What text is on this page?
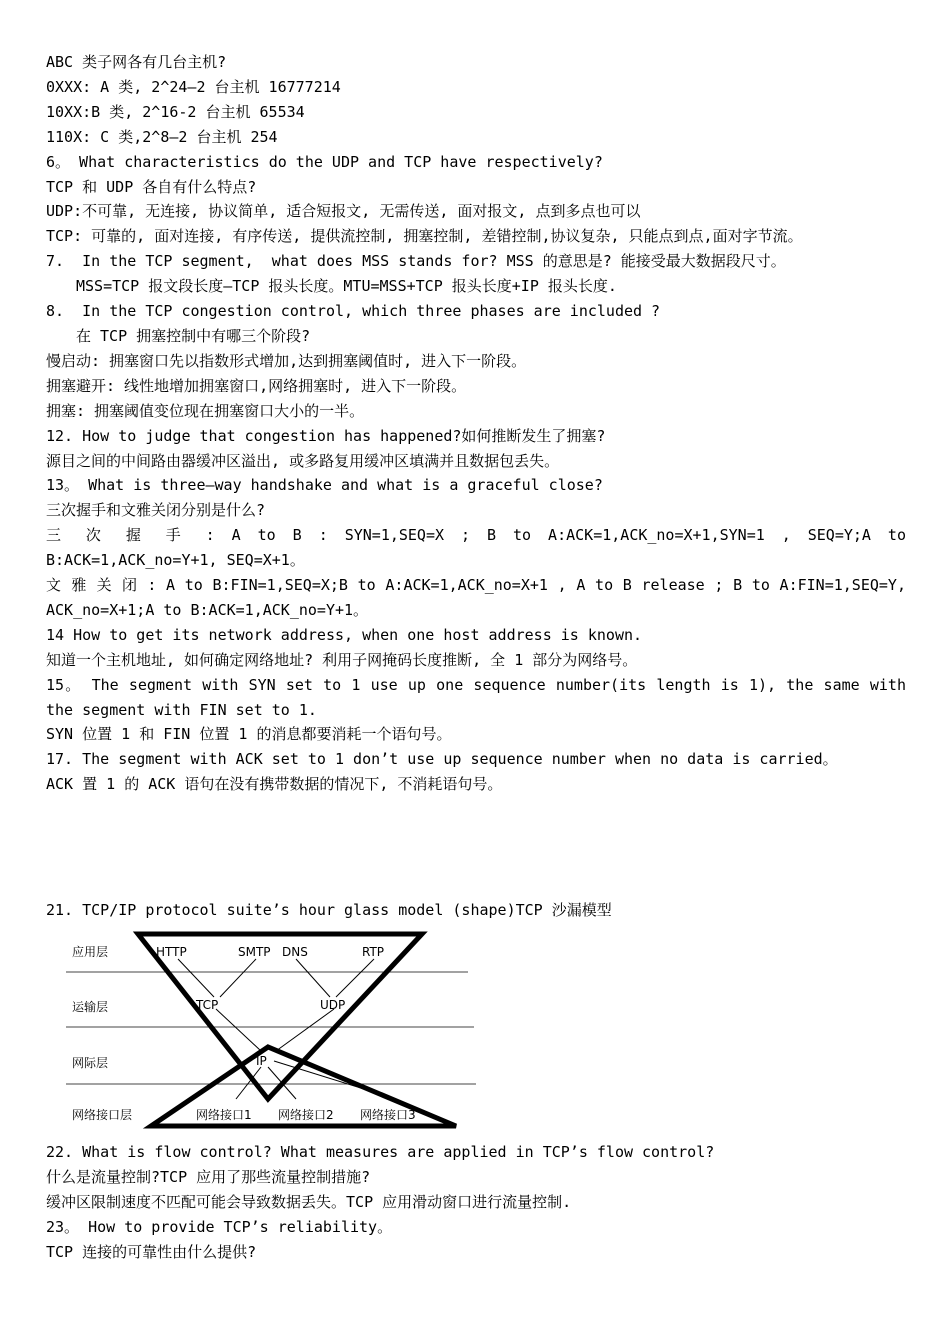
ABC 类子网各有几台主机?

0XXX: A 类, 2^24—2 台主机 16777214

10XX:B 类, 2^16-2 台主机 65534

110X: C 类,2^8—2 台主机 254

6。 What characteristics do the UDP and TCP have respectively?

TCP 和 UDP 各自有什么特点?

UDP:不可靠, 无连接, 协议简单, 适合短报文, 无需传送, 面对报文, 点到多点也可以

TCP: 可靠的, 面对连接, 有序传送, 提供流控制, 拥塞控制, 差错控制,协议复杂, 只能点到点,面对字节流。

7.  In the TCP segment,  what does MSS stands for? MSS 的意思是? 能接受最大数据段尺寸。

MSS=TCP 报文段长度—TCP 报头长度。MTU=MSS+TCP 报头长度+IP 报头长度.

8.  In the TCP congestion control, which three phases are included ?

在 TCP 拥塞控制中有哪三个阶段?

慢启动: 拥塞窗口先以指数形式增加,达到拥塞阈值时, 进入下一阶段。

拥塞避开: 线性地增加拥塞窗口,网络拥塞时, 进入下一阶段。

拥塞: 拥塞阈值变位现在拥塞窗口大小的一半。

12. How to judge that congestion has happened?如何推断发生了拥塞?

源目之间的中间路由器缓冲区溢出, 或多路复用缓冲区填满并且数据包丢失。

13。 What is three—way handshake and what is a graceful close?

三次握手和文雅关闭分别是什么?

三 次 握 手 : A to B : SYN=1,SEQ=X ; B to A:ACK=1,ACK_no=X+1,SYN=1 , SEQ=Y;A to B:ACK=1,ACK_no=Y+1, SEQ=X+1。

文 雅 关 闭 : A to B:FIN=1,SEQ=X;B to A:ACK=1,ACK_no=X+1 , A to B release ; B to A:FIN=1,SEQ=Y, ACK_no=X+1;A to B:ACK=1,ACK_no=Y+1。

14 How to get its network address, when one host address is known.

知道一个主机地址, 如何确定网络地址? 利用子网掩码长度推断, 全 1 部分为网络号。

15。 The segment with SYN set to 1 use up one sequence number(its length is 1), the same with the segment with FIN set to 1.

SYN 位置 1 和 FIN 位置 1 的消息都要消耗一个语句号。

17. The segment with ACK set to 1 don’t use up sequence number when no data is carried。

ACK 置 1 的 ACK 语句在没有携带数据的情况下, 不消耗语句号。

21. TCP/IP protocol suite’s hour glass model (shape)TCP 沙漏模型

应用层
运输层
网际层
网络接口层
HTTP	SMTP DNS	RTP
TCP	UDP
IP
网络接口1 网络接口2 网络接口3

22. What is flow control? What measures are applied in TCP’s flow control?

什么是流量控制?TCP 应用了那些流量控制措施?

缓冲区限制速度不匹配可能会导致数据丢失。TCP 应用滑动窗口进行流量控制.

23。 How to provide TCP’s reliability。

TCP 连接的可靠性由什么提供?
